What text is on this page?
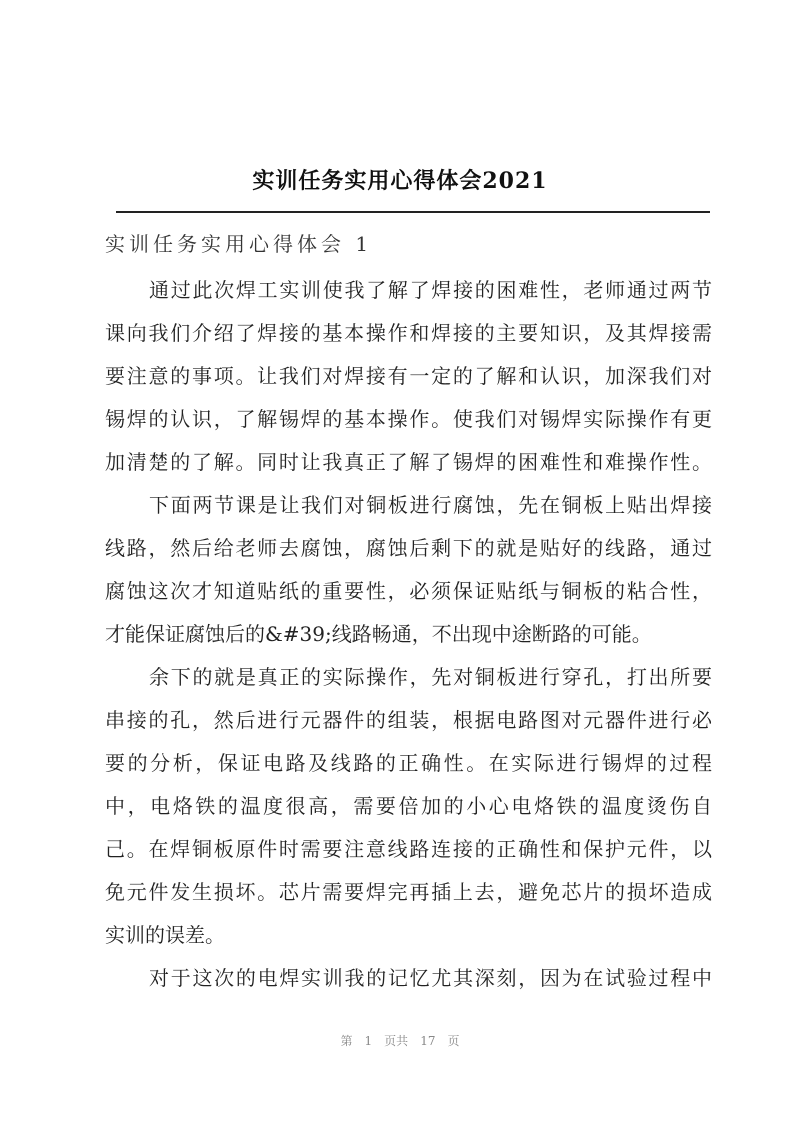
实训任务实用心得体会2021
实训任务实用心得体会 1
通过此次焊工实训使我了解了焊接的困难性，老师通过两节
课向我们介绍了焊接的基本操作和焊接的主要知识，及其焊接需
要注意的事项。让我们对焊接有一定的了解和认识，加深我们对
锡焊的认识，了解锡焊的基本操作。使我们对锡焊实际操作有更
加清楚的了解。同时让我真正了解了锡焊的困难性和难操作性。
下面两节课是让我们对铜板进行腐蚀，先在铜板上贴出焊接
线路，然后给老师去腐蚀，腐蚀后剩下的就是贴好的线路，通过
腐蚀这次才知道贴纸的重要性，必须保证贴纸与铜板的粘合性，
才能保证腐蚀后的&#39;线路畅通，不出现中途断路的可能。
余下的就是真正的实际操作，先对铜板进行穿孔，打出所要
串接的孔，然后进行元器件的组装，根据电路图对元器件进行必
要的分析，保证电路及线路的正确性。在实际进行锡焊的过程
中，电烙铁的温度很高，需要倍加的小心电烙铁的温度烫伤自
己。在焊铜板原件时需要注意线路连接的正确性和保护元件，以
免元件发生损坏。芯片需要焊完再插上去，避免芯片的损坏造成
实训的误差。
对于这次的电焊实训我的记忆尤其深刻，因为在试验过程中
第 1 页共 17 页
